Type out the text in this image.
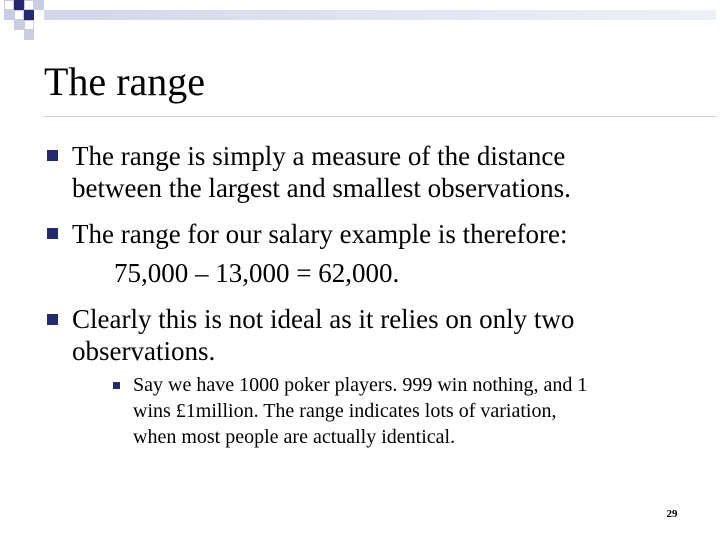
The range
The range is simply a measure of the distance
between the largest and smallest observations.
The range for our salary example is therefore:
75,000 – 13,000 = 62,000.
Clearly this is not ideal as it relies on only two
observations.
Say we have 1000 poker players. 999 win nothing, and 1
wins £1million. The range indicates lots of variation,
when most people are actually identical.
29
